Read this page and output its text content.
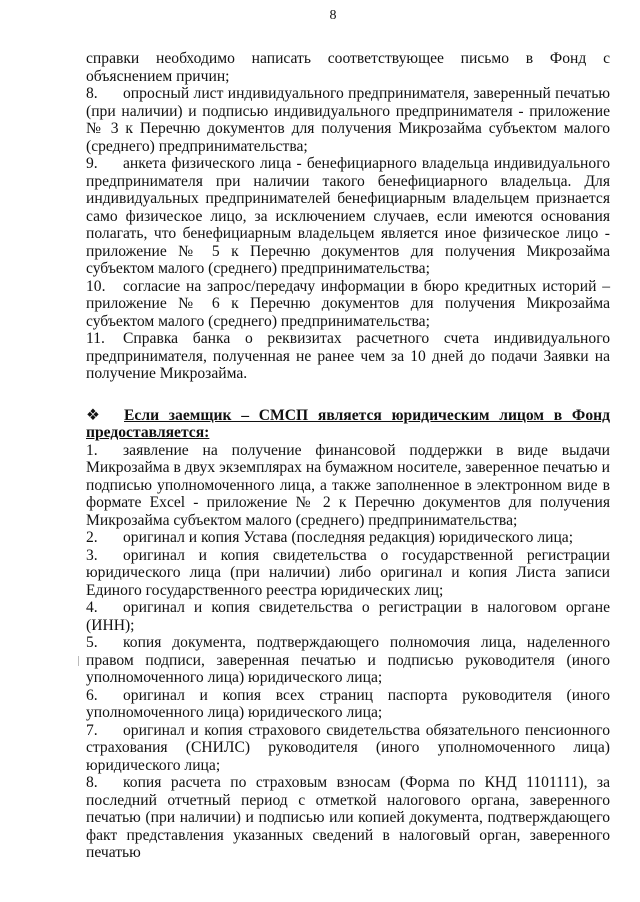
8

справки необходимо написать соответствующее письмо в Фонд с объяснением причин;

8. опросный лист индивидуального предпринимателя, заверенный печатью (при наличии) и подписью индивидуального предпринимателя - приложение № 3 к Перечню документов для получения Микрозайма субъектом малого (среднего) предпринимательства;

9. анкета физического лица - бенефициарного владельца индивидуального предпринимателя при наличии такого бенефициарного владельца. Для индивидуальных предпринимателей бенефициарным владельцем признается само физическое лицо, за исключением случаев, если имеются основания полагать, что бенефициарным владельцем является иное физическое лицо - приложение № 5 к Перечню документов для получения Микрозайма субъектом малого (среднего) предпринимательства;

10. согласие на запрос/передачу информации в бюро кредитных историй – приложение № 6 к Перечню документов для получения Микрозайма субъектом малого (среднего) предпринимательства;

11. Справка банка о реквизитах расчетного счета индивидуального предпринимателя, полученная не ранее чем за 10 дней до подачи Заявки на получение Микрозайма.

❖ Если заемщик – СМСП является юридическим лицом в Фонд предоставляется:

1. заявление на получение финансовой поддержки в виде выдачи Микрозайма в двух экземплярах на бумажном носителе, заверенное печатью и подписью уполномоченного лица, а также заполненное в электронном виде в формате Excel - приложение № 2 к Перечню документов для получения Микрозайма субъектом малого (среднего) предпринимательства;

2. оригинал и копия Устава (последняя редакция) юридического лица;

3. оригинал и копия свидетельства о государственной регистрации юридического лица (при наличии) либо оригинал и копия Листа записи Единого государственного реестра юридических лиц;

4. оригинал и копия свидетельства о регистрации в налоговом органе (ИНН);

5. копия документа, подтверждающего полномочия лица, наделенного правом подписи, заверенная печатью и подписью руководителя (иного уполномоченного лица) юридического лица;

6. оригинал и копия всех страниц паспорта руководителя (иного уполномоченного лица) юридического лица;

7. оригинал и копия страхового свидетельства обязательного пенсионного страхования (СНИЛС) руководителя (иного уполномоченного лица) юридического лица;

8. копия расчета по страховым взносам (Форма по КНД 1101111), за последний отчетный период с отметкой налогового органа, заверенного печатью (при наличии) и подписью или копией документа, подтверждающего факт представления указанных сведений в налоговый орган, заверенного печатью
